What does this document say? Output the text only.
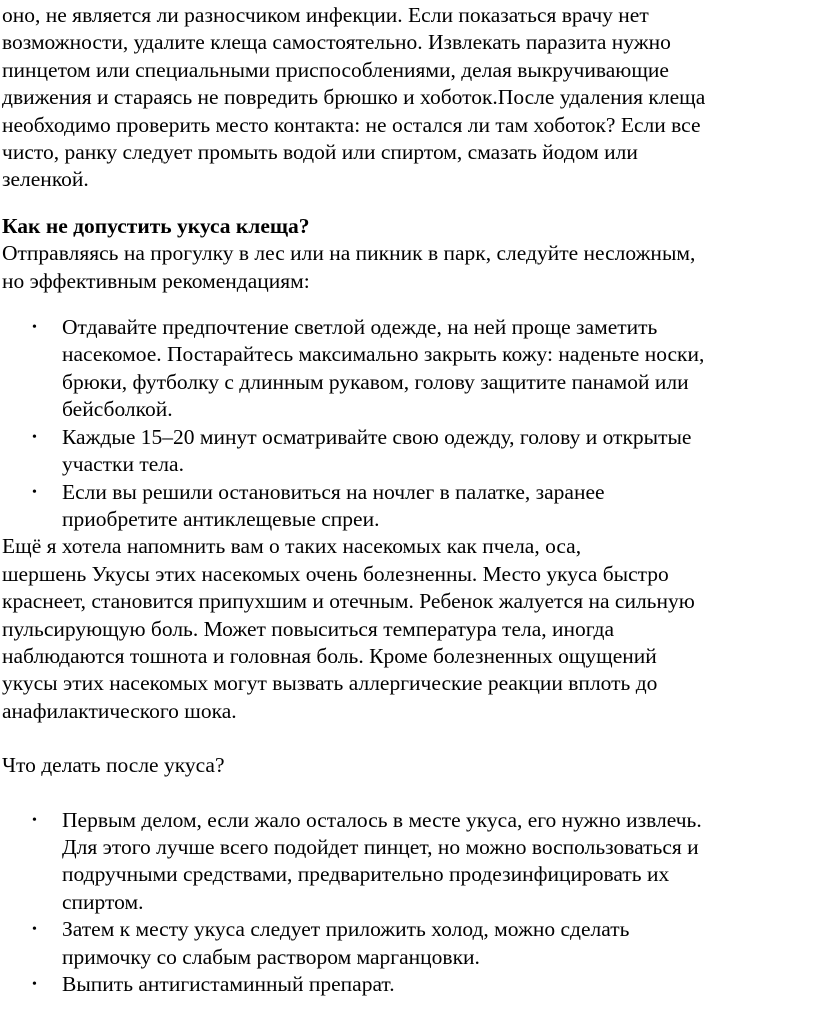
оно, не является ли разносчиком инфекции. Если показаться врачу нет
возможности, удалите клеща самостоятельно. Извлекать паразита нужно
пинцетом или специальными приспособлениями, делая выкручивающие
движения и стараясь не повредить брюшко и хоботок.После удаления клеща
необходимо проверить место контакта: не остался ли там хоботок? Если все
чисто, ранку следует промыть водой или спиртом, смазать йодом или
зеленкой.

Как не допустить укуса клеща?

Отправляясь на прогулку в лес или на пикник в парк, следуйте несложным,
но эффективным рекомендациям:

• Отдавайте предпочтение светлой одежде, на ней проще заметить
насекомое. Постарайтесь максимально закрыть кожу: наденьте носки,
брюки, футболку с длинным рукавом, голову защитите панамой или
бейсболкой.
• Каждые 15–20 минут осматривайте свою одежду, голову и открытые
участки тела.
• Если вы решили остановиться на ночлег в палатке, заранее
приобретите антиклещевые спреи.

Ещё я хотела напомнить вам о таких насекомых как пчела, оса,
шершень Укусы этих насекомых очень болезненны. Место укуса быстро
краснеет, становится припухшим и отечным. Ребенок жалуется на сильную
пульсирующую боль. Может повыситься температура тела, иногда
наблюдаются тошнота и головная боль. Кроме болезненных ощущений
укусы этих насекомых могут вызвать аллергические реакции вплоть до
анафилактического шока.

Что делать после укуса?

• Первым делом, если жало осталось в месте укуса, его нужно извлечь.
Для этого лучше всего подойдет пинцет, но можно воспользоваться и
подручными средствами, предварительно продезинфицировать их
спиртом.
• Затем к месту укуса следует приложить холод, можно сделать
примочку со слабым раствором марганцовки.
• Выпить антигистаминный препарат.
